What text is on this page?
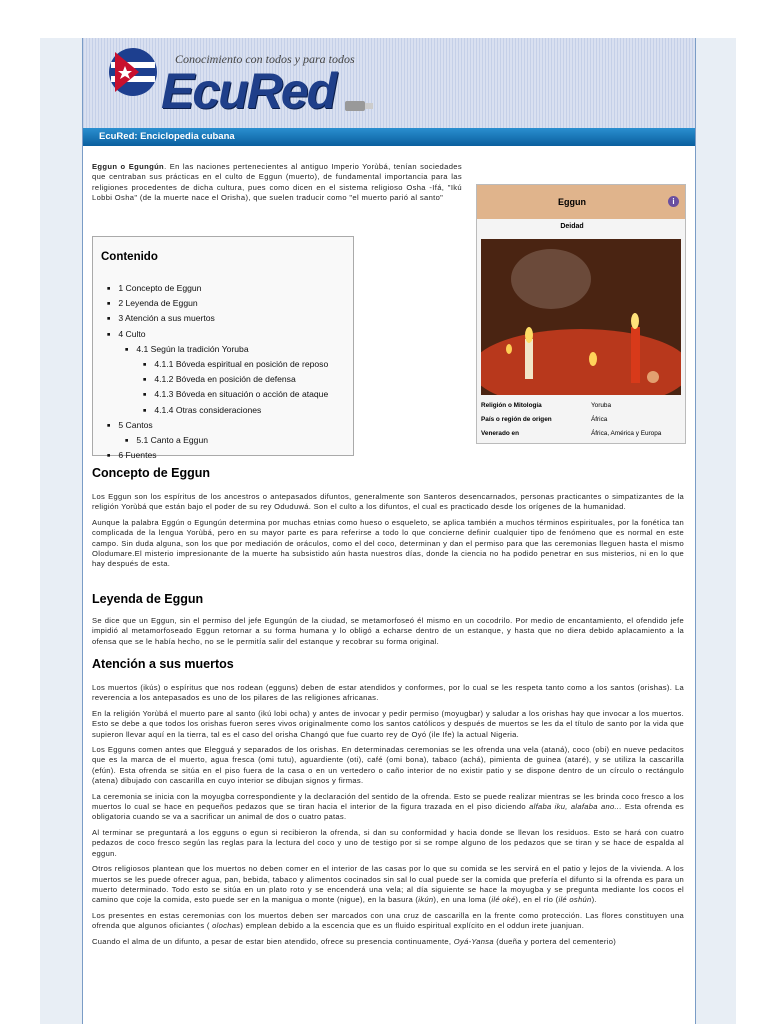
Conocimiento con todos y para todos
EcuRed
EcuRed: Enciclopedia cubana
Eggun o Egungún. En las naciones pertenecientes al antiguo Imperio Yorùbá, tenían sociedades que centraban sus prácticas en el culto de Eggun (muerto), de fundamental importancia para las religiones procedentes de dicha cultura, pues como dicen en el sistema religioso Osha -Ifá, "Ikú Lobbi Osha" (de la muerte nace el Orisha), que suelen traducir como "el muerto parió al santo"
Contenido
■ 1 Concepto de Eggun
■ 2 Leyenda de Eggun
■ 3 Atención a sus muertos
■ 4 Culto
■ 4.1 Según la tradición Yoruba
■ 4.1.1 Bóveda espiritual en posición de reposo
■ 4.1.2 Bóveda en posición de defensa
■ 4.1.3 Bóveda en situación o acción de ataque
■ 4.1.4 Otras consideraciones
■ 5 Cantos
■ 5.1 Canto a Eggun
■ 6 Fuentes
Eggun	i
Deidad
Religión o Mitología	Yoruba
País o región de origen	África
Venerado en	África, América y Europa
Concepto de Eggun

Los Eggun son los espíritus de los ancestros o antepasados difuntos, generalmente son Santeros desencarnados, personas practicantes o simpatizantes de la religión Yorùbá que están bajo el poder de su rey Oduduwá. Son el culto a los difuntos, el cual es practicado desde los orígenes de la humanidad.

Aunque la palabra Eggún o Egungún determina por muchas etnias como hueso o esqueleto, se aplica también a muchos términos espirituales, por la fonética tan complicada de la lengua Yorùbá, pero en su mayor parte es para referirse a todo lo que concierne definir cualquier tipo de fenómeno que es normal en este campo. Sin duda alguna, son los que por mediación de oráculos, como el del coco, determinan y dan el permiso para que las ceremonias lleguen hasta el mismo Olodumare.El misterio impresionante de la muerte ha subsistido aún hasta nuestros días, donde la ciencia no ha podido penetrar en sus misterios, ni en lo que hay después de esta.

Leyenda de Eggun

Se dice que un Eggun, sin el permiso del jefe Egungún de la ciudad, se metamorfoseó él mismo en un cocodrilo. Por medio de encantamiento, el ofendido jefe impidió al metamorfoseado Eggun retornar a su forma humana y lo obligó a echarse dentro de un estanque, y hasta que no diera debido aplacamiento a la ofensa que se le había hecho, no se le permitía salir del estanque y recobrar su forma original.

Atención a sus muertos

Los muertos (ikús) o espíritus que nos rodean (egguns) deben de estar atendidos y conformes, por lo cual se les respeta tanto como a los santos (orishas). La reverencia a los antepasados es uno de los pilares de las religiones africanas.

En la religión Yorùbá el muerto pare al santo (ikú lobi ocha) y antes de invocar y pedir permiso (moyugbar) y saludar a los orishas hay que invocar a los muertos. Esto se debe a que todos los orishas fueron seres vivos originalmente como los santos católicos y después de muertos se les da el título de santo por la vida que supieron llevar aquí en la tierra, tal es el caso del orisha Changó que fue cuarto rey de Oyó (ile Ife) la actual Nigeria.

Los Egguns comen antes que Elegguá y separados de los orishas. En determinadas ceremonias se les ofrenda una vela (ataná), coco (obi) en nueve pedacitos que es la marca de el muerto, agua fresca (omi tutu), aguardiente (oti), café (omi bona), tabaco (achá), pimienta de guinea (ataré), y se utiliza la cascarilla (efún). Esta ofrenda se sitúa en el piso fuera de la casa o en un vertedero o caño interior de no existir patio y se dispone dentro de un círculo o rectángulo (atena) dibujado con cascarilla en cuyo interior se dibujan signos y firmas.

La ceremonia se inicia con la moyugba correspondiente y la declaración del sentido de la ofrenda. Esto se puede realizar mientras se les brinda coco fresco a los muertos lo cual se hace en pequeños pedazos que se tiran hacia el interior de la figura trazada en el piso diciendo alfaba iku, alafaba ano... Esta ofrenda es obligatoria cuando se va a sacrificar un animal de dos o cuatro patas.

Al terminar se preguntará a los egguns o egun si recibieron la ofrenda, si dan su conformidad y hacia donde se llevan los residuos. Esto se hará con cuatro pedazos de coco fresco según las reglas para la lectura del coco y uno de testigo por si se rompe alguno de los pedazos que se tiran y se hace de espalda al eggun.

Otros religiosos plantean que los muertos no deben comer en el interior de las casas por lo que su comida se les servirá en el patio y lejos de la vivienda. A los muertos se les puede ofrecer agua, pan, bebida, tabaco y alimentos cocinados sin sal lo cual puede ser la comida que prefería el difunto si la ofrenda es para un muerto determinado. Todo esto se sitúa en un plato roto y se encenderá una vela; al día siguiente se hace la moyugba y se pregunta mediante los cocos el camino que coje la comida, esto puede ser en la manigua o monte (nigue), en la basura (ikún), en una loma (ilé oké), en el río (ilé oshún).

Los presentes en estas ceremonias con los muertos deben ser marcados con una cruz de cascarilla en la frente como protección. Las flores constituyen una ofrenda que algunos oficiantes ( olochas) emplean debido a la escencia que es un fluido espiritual explícito en el oddun irete juanjuan.

Cuando el alma de un difunto, a pesar de estar bien atendido, ofrece su presencia continuamente, Oyá-Yansa (dueña y portera del cementerio)
